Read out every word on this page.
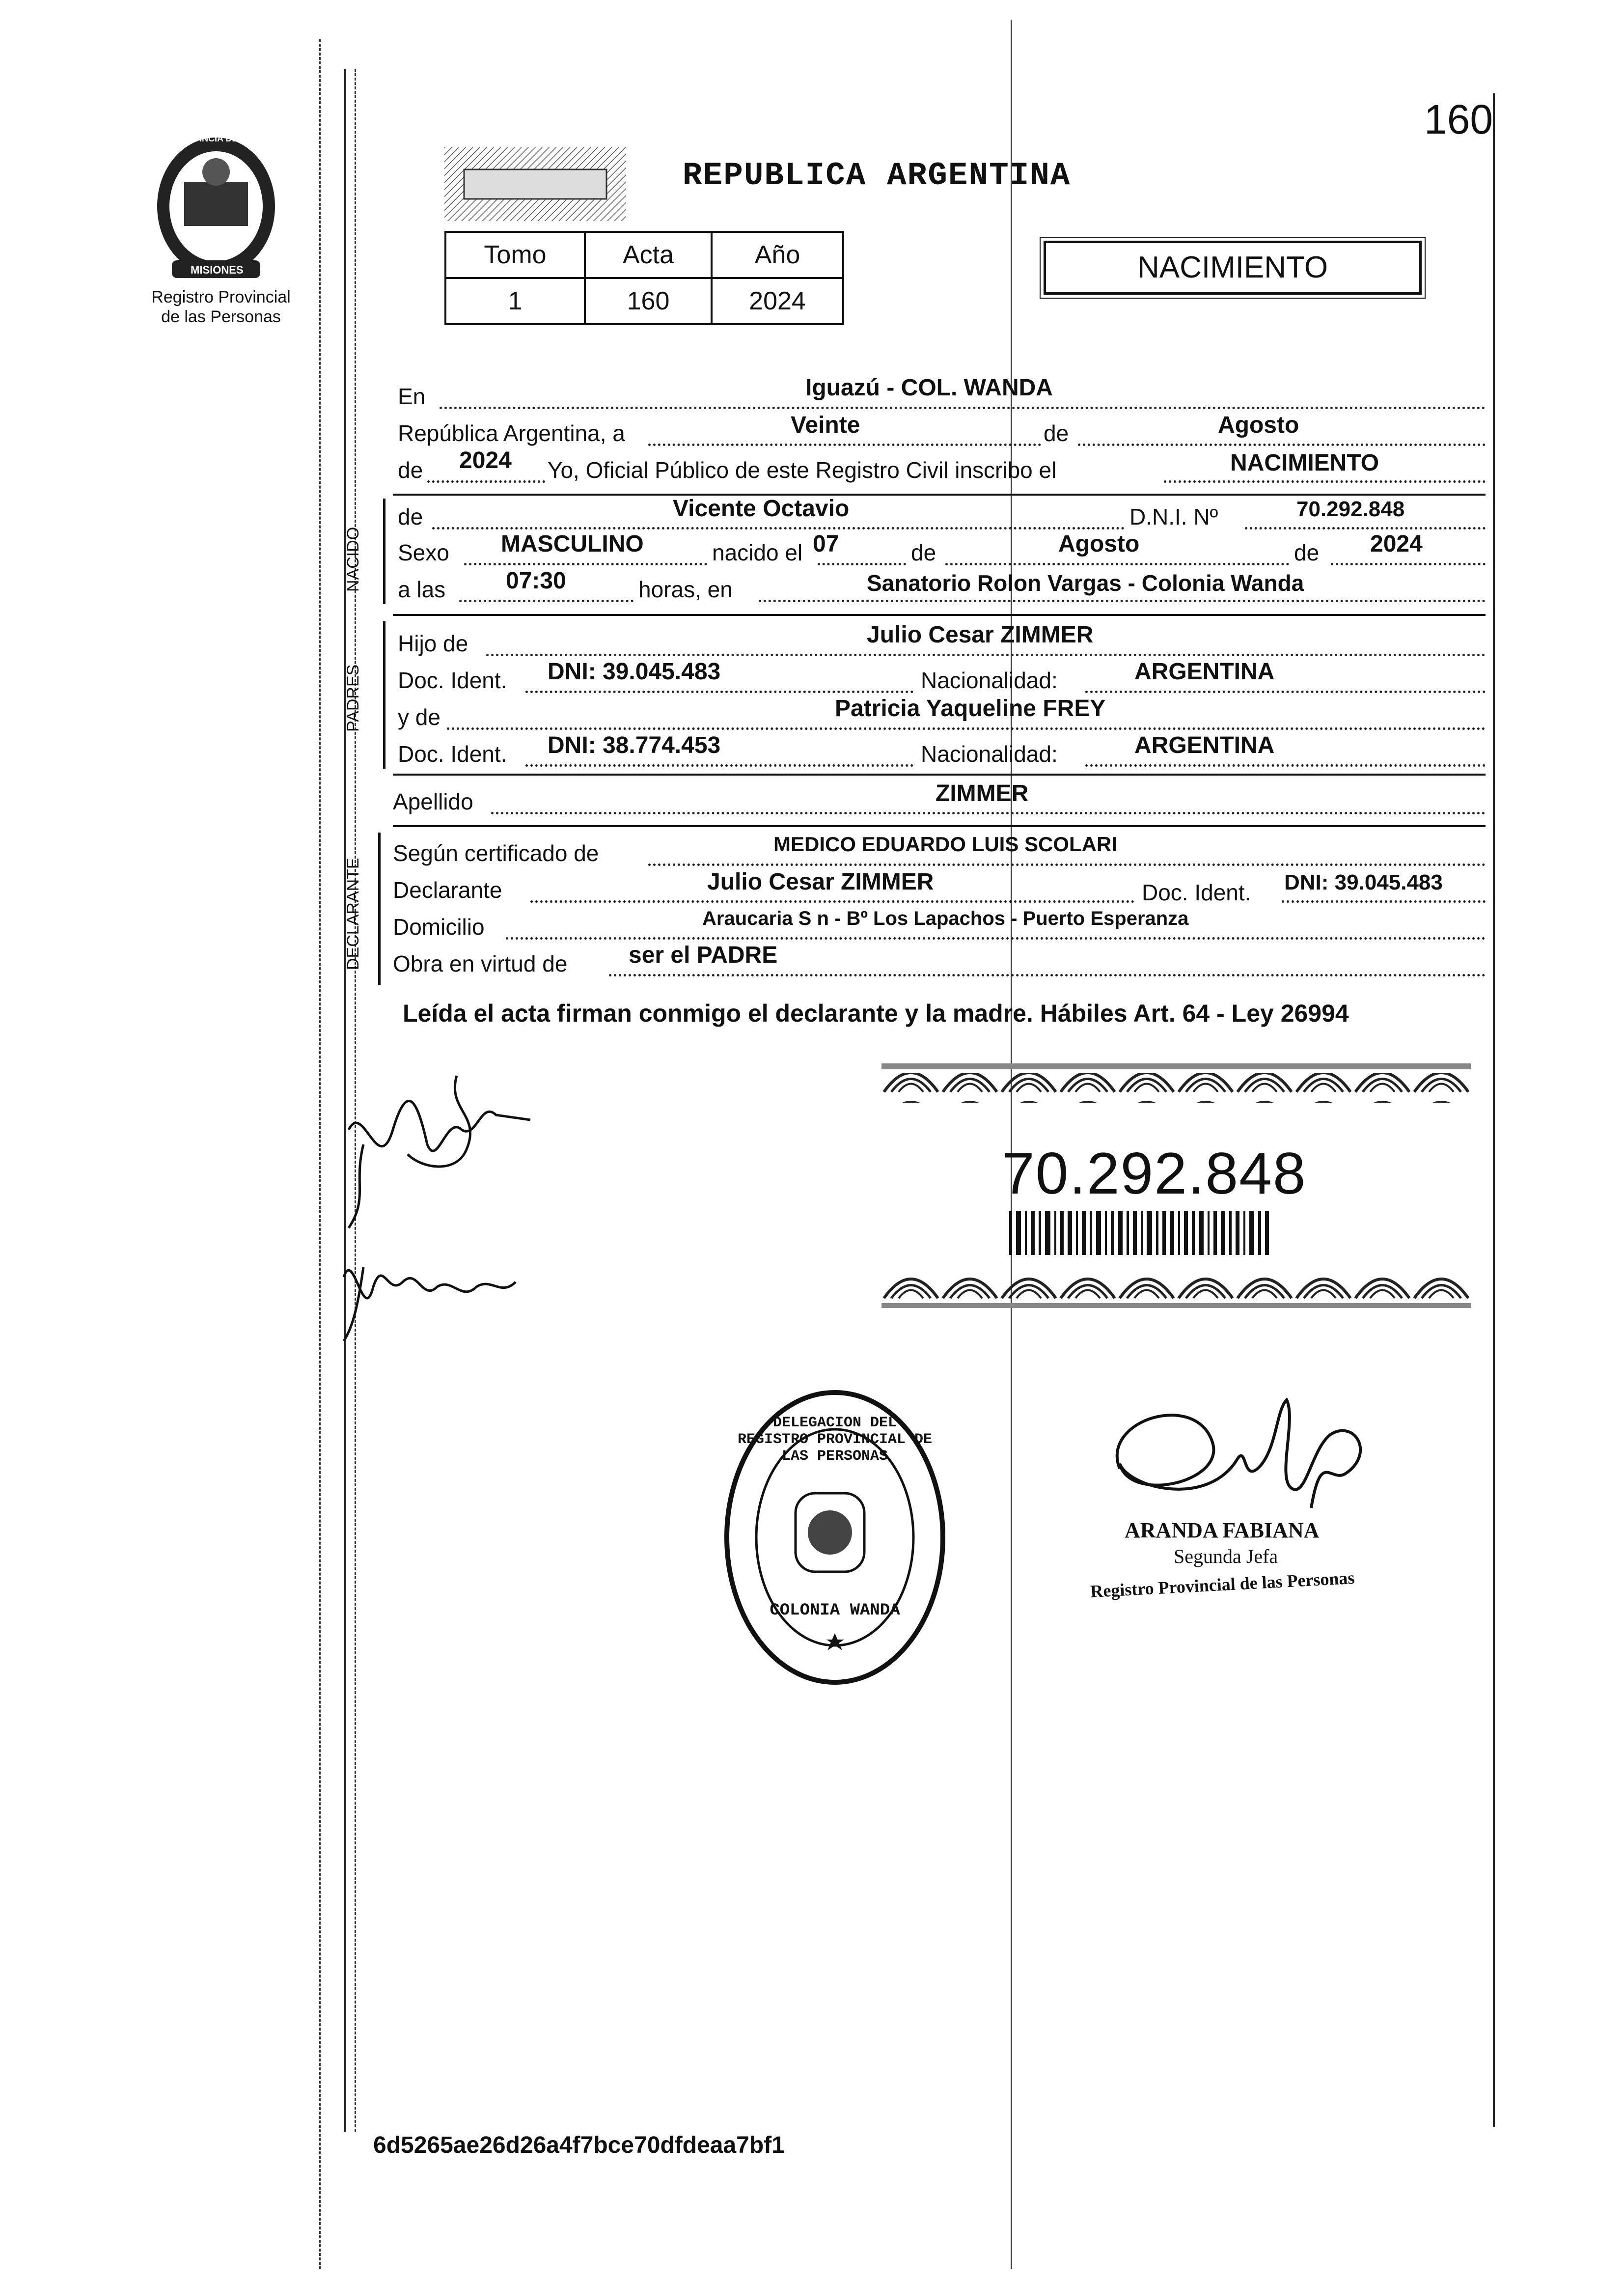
160
PROVINCIA DE
MISIONES
Registro Provincial
de las Personas
REPUBLICA ARGENTINA
Tomo	Acta	Año
1	160	2024
NACIMIENTO
En	Iguazú - COL. WANDA
República Argentina, a	Veinte	de	Agosto
de 2024 Yo, Oficial Público de este Registro Civil inscribo el	NACIMIENTO
NACIDO
de	Vicente Octavio	D.N.I. Nº	70.292.848
Sexo MASCULINO	nacido el 07	de	Agosto	de 2024
a las	07:30	horas, en	Sanatorio Rolon Vargas - Colonia Wanda
PADRES
Hijo de	Julio Cesar ZIMMER
Doc. Ident. DNI: 39.045.483	Nacionalidad:	ARGENTINA
y de	Patricia Yaqueline FREY
Doc. Ident. DNI: 38.774.453	Nacionalidad:	ARGENTINA
Apellido	ZIMMER
DECLARANTE
Según certificado de	MEDICO EDUARDO LUIS SCOLARI
Declarante	Julio Cesar ZIMMER	Doc. Ident. DNI: 39.045.483
Domicilio	Araucaria S n - Bº Los Lapachos - Puerto Esperanza
Obra en virtud de	ser el PADRE
Leída el acta firman conmigo el declarante y la madre. Hábiles Art. 64 - Ley 26994
70.292.848
DELEGACION DEL REGISTRO PROVINCIAL DE LAS PERSONAS
COLONIA WANDA
ARANDA FABIANA
Segunda Jefa
Registro Provincial de las Personas
6d5265ae26d26a4f7bce70dfdeaa7bf1
